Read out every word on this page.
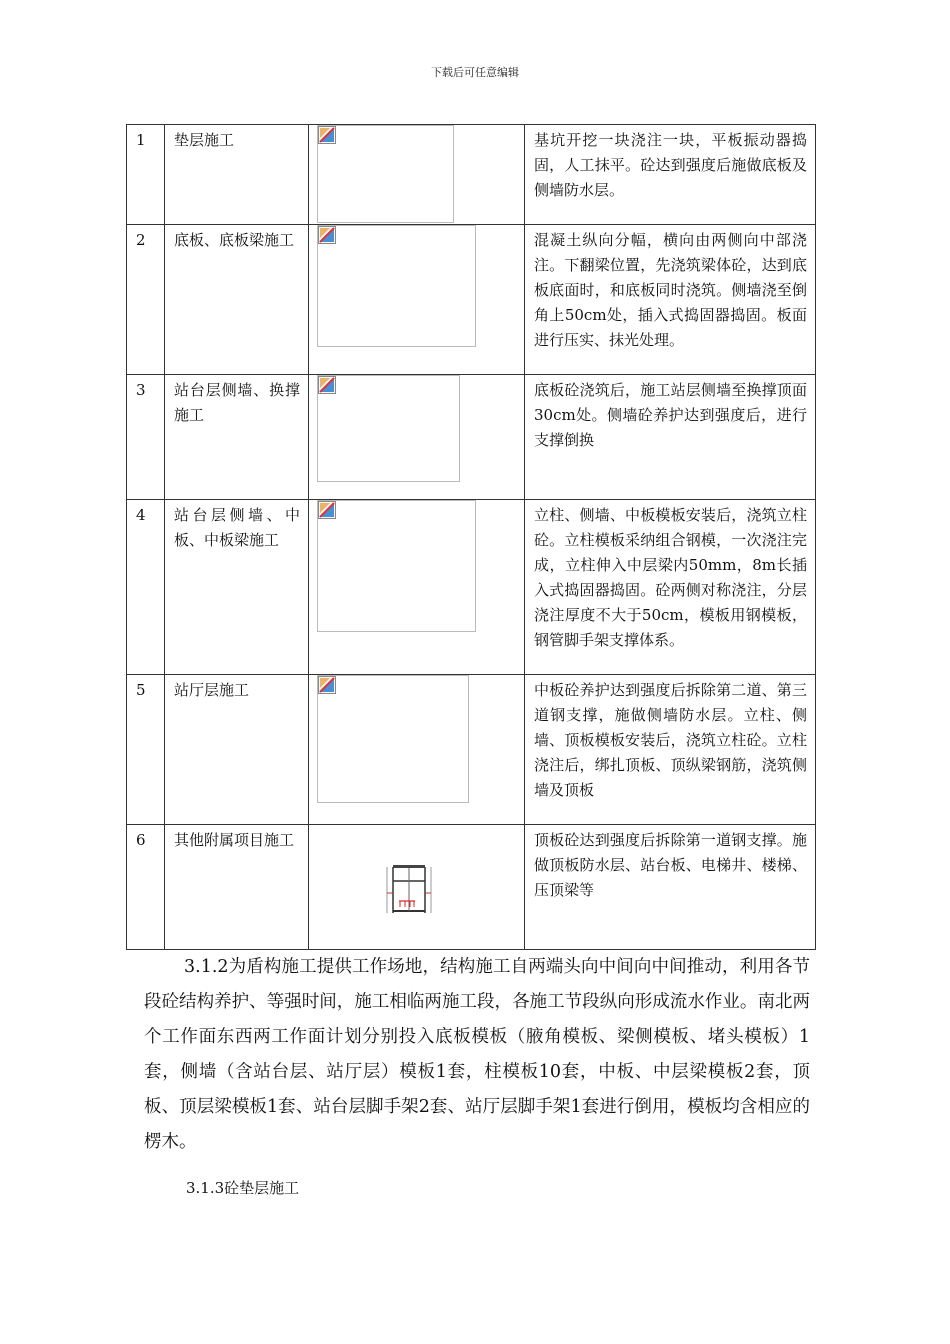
下载后可任意编辑
1	垫层施工		基坑开挖一块浇注一块，平板振动器捣固，人工抹平。砼达到强度后施做底板及侧墙防水层。

2	底板、底板梁施工		混凝土纵向分幅，横向由两侧向中部浇注。下翻梁位置，先浇筑梁体砼，达到底板底面时，和底板同时浇筑。侧墙浇至倒角上50cm处，插入式捣固器捣固。板面进行压实、抹光处理。

3	站台层侧墙、换撑施工		底板砼浇筑后，施工站层侧墙至换撑顶面30cm处。侧墙砼养护达到强度后，进行支撑倒换

4	站台层侧墙、中板、中板梁施工		立柱、侧墙、中板模板安装后，浇筑立柱砼。立柱模板采纳组合钢模，一次浇注完成，立柱伸入中层梁内50mm，8m长插入式捣固器捣固。砼两侧对称浇注，分层浇注厚度不大于50cm，模板用钢模板，钢管脚手架支撑体系。

5	站厅层施工		中板砼养护达到强度后拆除第二道、第三道钢支撑，施做侧墙防水层。立柱、侧墙、顶板模板安装后，浇筑立柱砼。立柱浇注后，绑扎顶板、顶纵梁钢筋，浇筑侧墙及顶板

6	其他附属项目施工		顶板砼达到强度后拆除第一道钢支撑。施做顶板防水层、站台板、电梯井、楼梯、压顶梁等
3.1.2为盾构施工提供工作场地，结构施工自两端头向中间向中间推动，利用各节段砼结构养护、等强时间，施工相临两施工段，各施工节段纵向形成流水作业。南北两个工作面东西两工作面计划分别投入底板模板（腋角模板、梁侧模板、堵头模板）1套，侧墙（含站台层、站厅层）模板1套，柱模板10套，中板、中层梁模板2套，顶板、顶层梁模板1套、站台层脚手架2套、站厅层脚手架1套进行倒用，模板均含相应的楞木。
3.1.3砼垫层施工
